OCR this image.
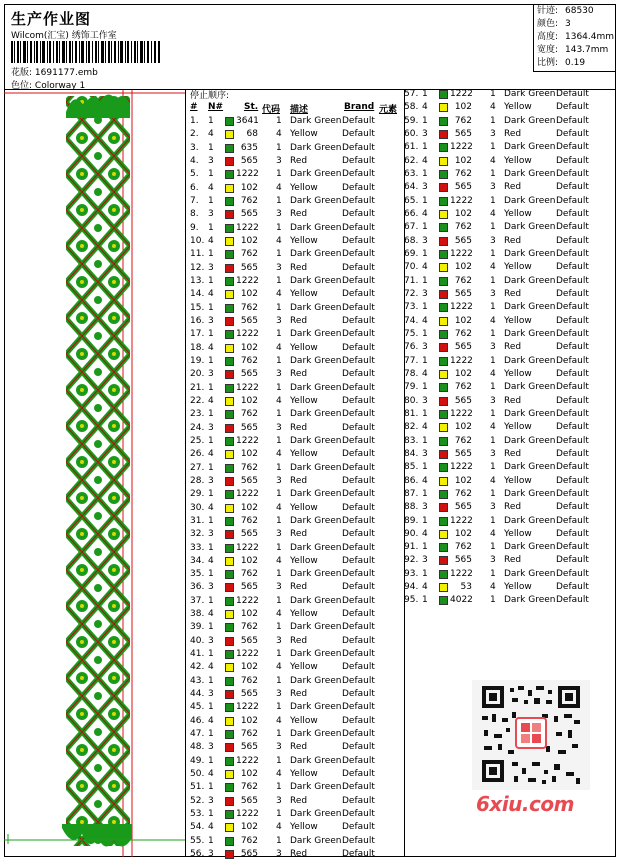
生产作业图
Wilcom(汇宝) 绣饰工作室
花版: 1691177.emb
色位: Colorway 1
针迹: 68530
颜色: 3
高度: 1364.4mm
宽度: 143.7mm
比例: 0.19
停止顺序:
# N# St. 代码 描述	Brand 元素
1. 1 3641 1 Dark Green Default
2. 4	68 4 Yellow	Default
3. 1	635 1 Dark Green Default
4. 3	565 3 Red	Default
5. 1 1222 1 Dark Green Default
6. 4	102 4 Yellow	Default
7. 1	762 1 Dark Green Default
8. 3	565 3 Red	Default
9. 1 1222 1 Dark Green Default
10. 4	102 4 Yellow	Default
11. 1	762 1 Dark Green Default
12. 3	565 3 Red	Default
13. 1 1222 1 Dark Green Default
14. 4	102 4 Yellow	Default
15. 1	762 1 Dark Green Default
16. 3	565 3 Red	Default
17. 1 1222 1 Dark Green Default
18. 4	102 4 Yellow	Default
19. 1	762 1 Dark Green Default
20. 3	565 3 Red	Default
21. 1 1222 1 Dark Green Default
22. 4	102 4 Yellow	Default
23. 1	762 1 Dark Green Default
24. 3	565 3 Red	Default
25. 1 1222 1 Dark Green Default
26. 4	102 4 Yellow	Default
27. 1	762 1 Dark Green Default
28. 3	565 3 Red	Default
29. 1 1222 1 Dark Green Default
30. 4	102 4 Yellow	Default
31. 1	762 1 Dark Green Default
32. 3	565 3 Red	Default
33. 1 1222 1 Dark Green Default
34. 4	102 4 Yellow	Default
35. 1	762 1 Dark Green Default
36. 3	565 3 Red	Default
37. 1 1222 1 Dark Green Default
38. 4	102 4 Yellow	Default
39. 1	762 1 Dark Green Default
40. 3	565 3 Red	Default
41. 1 1222 1 Dark Green Default
42. 4	102 4 Yellow	Default
43. 1	762 1 Dark Green Default
44. 3	565 3 Red	Default
45. 1 1222 1 Dark Green Default
46. 4	102 4 Yellow	Default
47. 1	762 1 Dark Green Default
48. 3	565 3 Red	Default
49. 1 1222 1 Dark Green Default
50. 4	102 4 Yellow	Default
51. 1	762 1 Dark Green Default
52. 3	565 3 Red	Default
53. 1 1222 1 Dark Green Default
54. 4	102 4 Yellow	Default
55. 1	762 1 Dark Green Default
56. 3	565 3 Red	Default
57. 1 1222 1 Dark Green Default
58. 4	102 4 Yellow	Default
59. 1	762 1 Dark Green Default
60. 3	565 3 Red	Default
61. 1 1222 1 Dark Green Default
62. 4	102 4 Yellow	Default
63. 1	762 1 Dark Green Default
64. 3	565 3 Red	Default
65. 1 1222 1 Dark Green Default
66. 4	102 4 Yellow	Default
67. 1	762 1 Dark Green Default
68. 3	565 3 Red	Default
69. 1 1222 1 Dark Green Default
70. 4	102 4 Yellow	Default
71. 1	762 1 Dark Green Default
72. 3	565 3 Red	Default
73. 1 1222 1 Dark Green Default
74. 4	102 4 Yellow	Default
75. 1	762 1 Dark Green Default
76. 3	565 3 Red	Default
77. 1 1222 1 Dark Green Default
78. 4	102 4 Yellow	Default
79. 1	762 1 Dark Green Default
80. 3	565 3 Red	Default
81. 1 1222 1 Dark Green Default
82. 4	102 4 Yellow	Default
83. 1	762 1 Dark Green Default
84. 3	565 3 Red	Default
85. 1 1222 1 Dark Green Default
86. 4	102 4 Yellow	Default
87. 1	762 1 Dark Green Default
88. 3	565 3 Red	Default
89. 1 1222 1 Dark Green Default
90. 4	102 4 Yellow	Default
91. 1	762 1 Dark Green Default
92. 3	565 3 Red	Default
93. 1 1222 1 Dark Green Default
94. 4	53 4 Yellow	Default
95. 1 4022 1 Dark Green Default
6xiu.com
